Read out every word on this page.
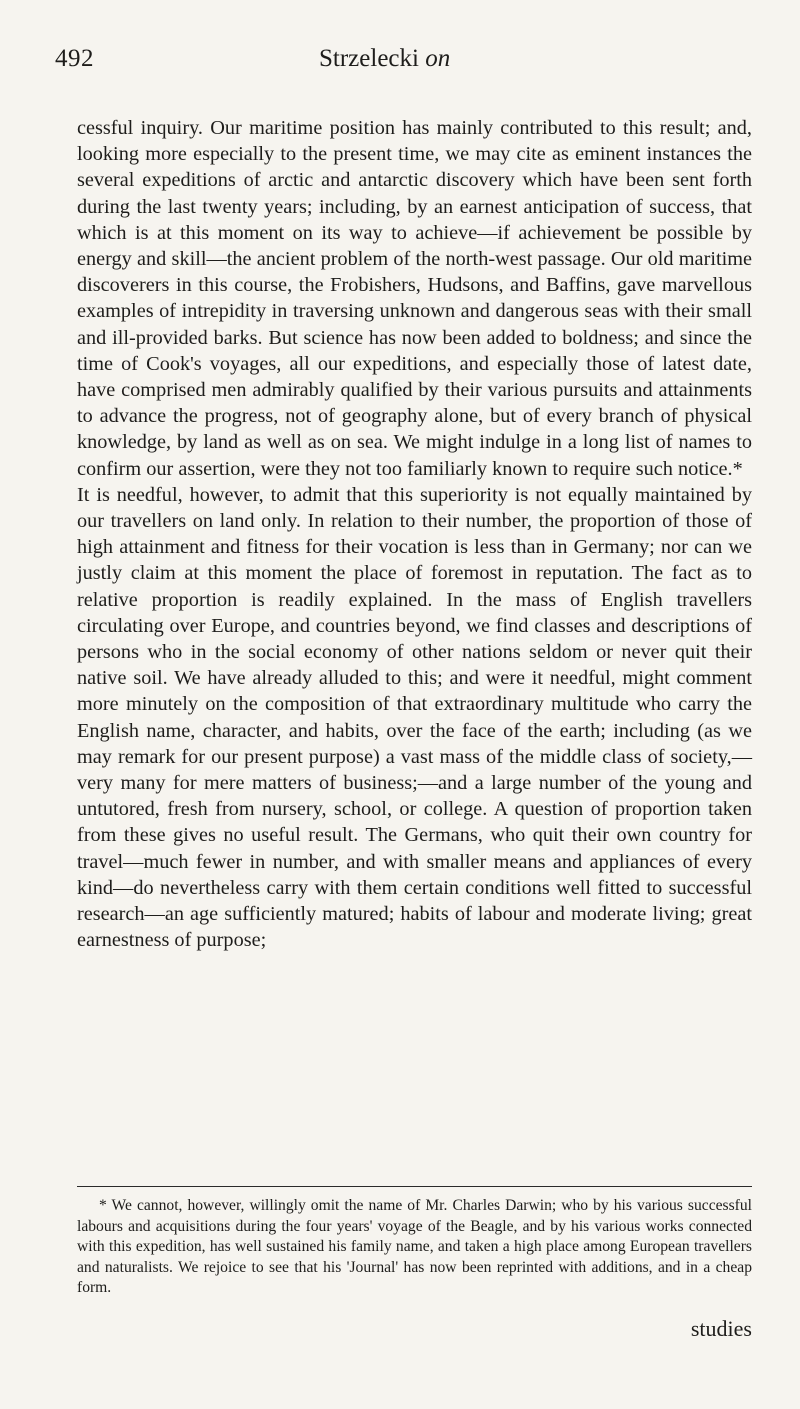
492	Strzelecki on

cessful inquiry. Our maritime position has mainly contributed to this result; and, looking more especially to the present time, we may cite as eminent instances the several expeditions of arctic and antarctic discovery which have been sent forth during the last twenty years; including, by an earnest anticipation of success, that which is at this moment on its way to achieve—if achievement be possible by energy and skill—the ancient problem of the north-west passage. Our old maritime discoverers in this course, the Frobishers, Hudsons, and Baffins, gave marvellous examples of intrepidity in traversing unknown and dangerous seas with their small and ill-provided barks. But science has now been added to boldness; and since the time of Cook's voyages, all our expeditions, and especially those of latest date, have comprised men admirably qualified by their various pursuits and attainments to advance the progress, not of geography alone, but of every branch of physical knowledge, by land as well as on sea. We might indulge in a long list of names to confirm our assertion, were they not too familiarly known to require such notice.*

It is needful, however, to admit that this superiority is not equally maintained by our travellers on land only. In relation to their number, the proportion of those of high attainment and fitness for their vocation is less than in Germany; nor can we justly claim at this moment the place of foremost in reputation. The fact as to relative proportion is readily explained. In the mass of English travellers circulating over Europe, and countries beyond, we find classes and descriptions of persons who in the social economy of other nations seldom or never quit their native soil. We have already alluded to this; and were it needful, might comment more minutely on the composition of that extraordinary multitude who carry the English name, character, and habits, over the face of the earth; including (as we may remark for our present purpose) a vast mass of the middle class of society,—very many for mere matters of business;—and a large number of the young and untutored, fresh from nursery, school, or college. A question of proportion taken from these gives no useful result. The Germans, who quit their own country for travel—much fewer in number, and with smaller means and appliances of every kind—do nevertheless carry with them certain conditions well fitted to successful research—an age sufficiently matured; habits of labour and moderate living; great earnestness of purpose;

* We cannot, however, willingly omit the name of Mr. Charles Darwin; who by his various successful labours and acquisitions during the four years' voyage of the Beagle, and by his various works connected with this expedition, has well sustained his family name, and taken a high place among European travellers and naturalists. We rejoice to see that his 'Journal' has now been reprinted with additions, and in a cheap form.
studies
